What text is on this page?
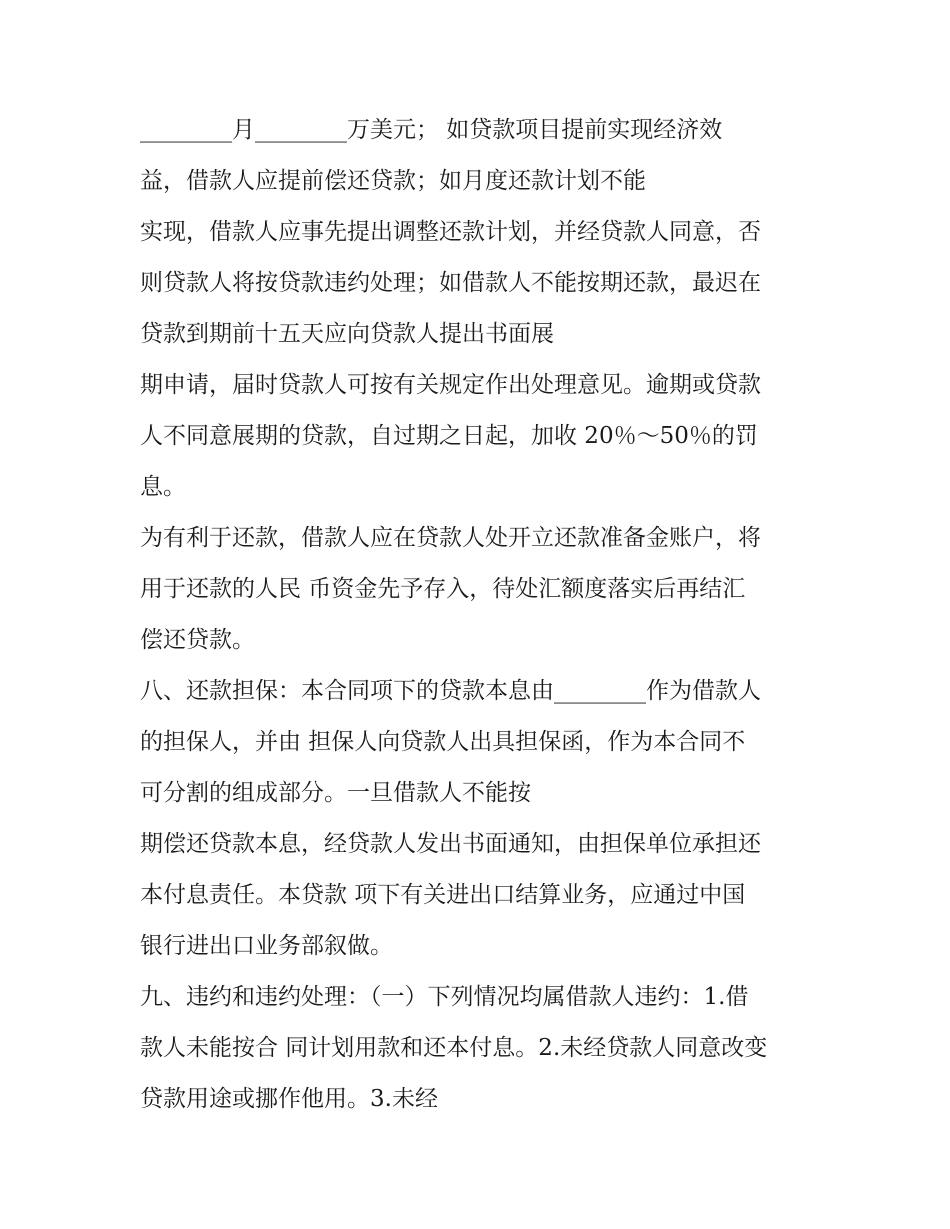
________月________万美元； 如贷款项目提前实现经济效
益，借款人应提前偿还贷款；如月度还款计划不能
实现，借款人应事先提出调整还款计划，并经贷款人同意，否
则贷款人将按贷款违约处理；如借款人不能按期还款，最迟在
贷款到期前十五天应向贷款人提出书面展
期申请，届时贷款人可按有关规定作出处理意见。逾期或贷款
人不同意展期的贷款，自过期之日起，加收 20％～50％的罚
息。
为有利于还款，借款人应在贷款人处开立还款准备金账户，将
用于还款的人民 币资金先予存入，待处汇额度落实后再结汇
偿还贷款。
八、还款担保：本合同项下的贷款本息由________作为借款人
的担保人，并由 担保人向贷款人出具担保函，作为本合同不
可分割的组成部分。一旦借款人不能按
期偿还贷款本息，经贷款人发出书面通知，由担保单位承担还
本付息责任。本贷款 项下有关进出口结算业务，应通过中国
银行进出口业务部叙做。
九、违约和违约处理：（一）下列情况均属借款人违约：1.借
款人未能按合 同计划用款和还本付息。2.未经贷款人同意改变
贷款用途或挪作他用。3.未经
